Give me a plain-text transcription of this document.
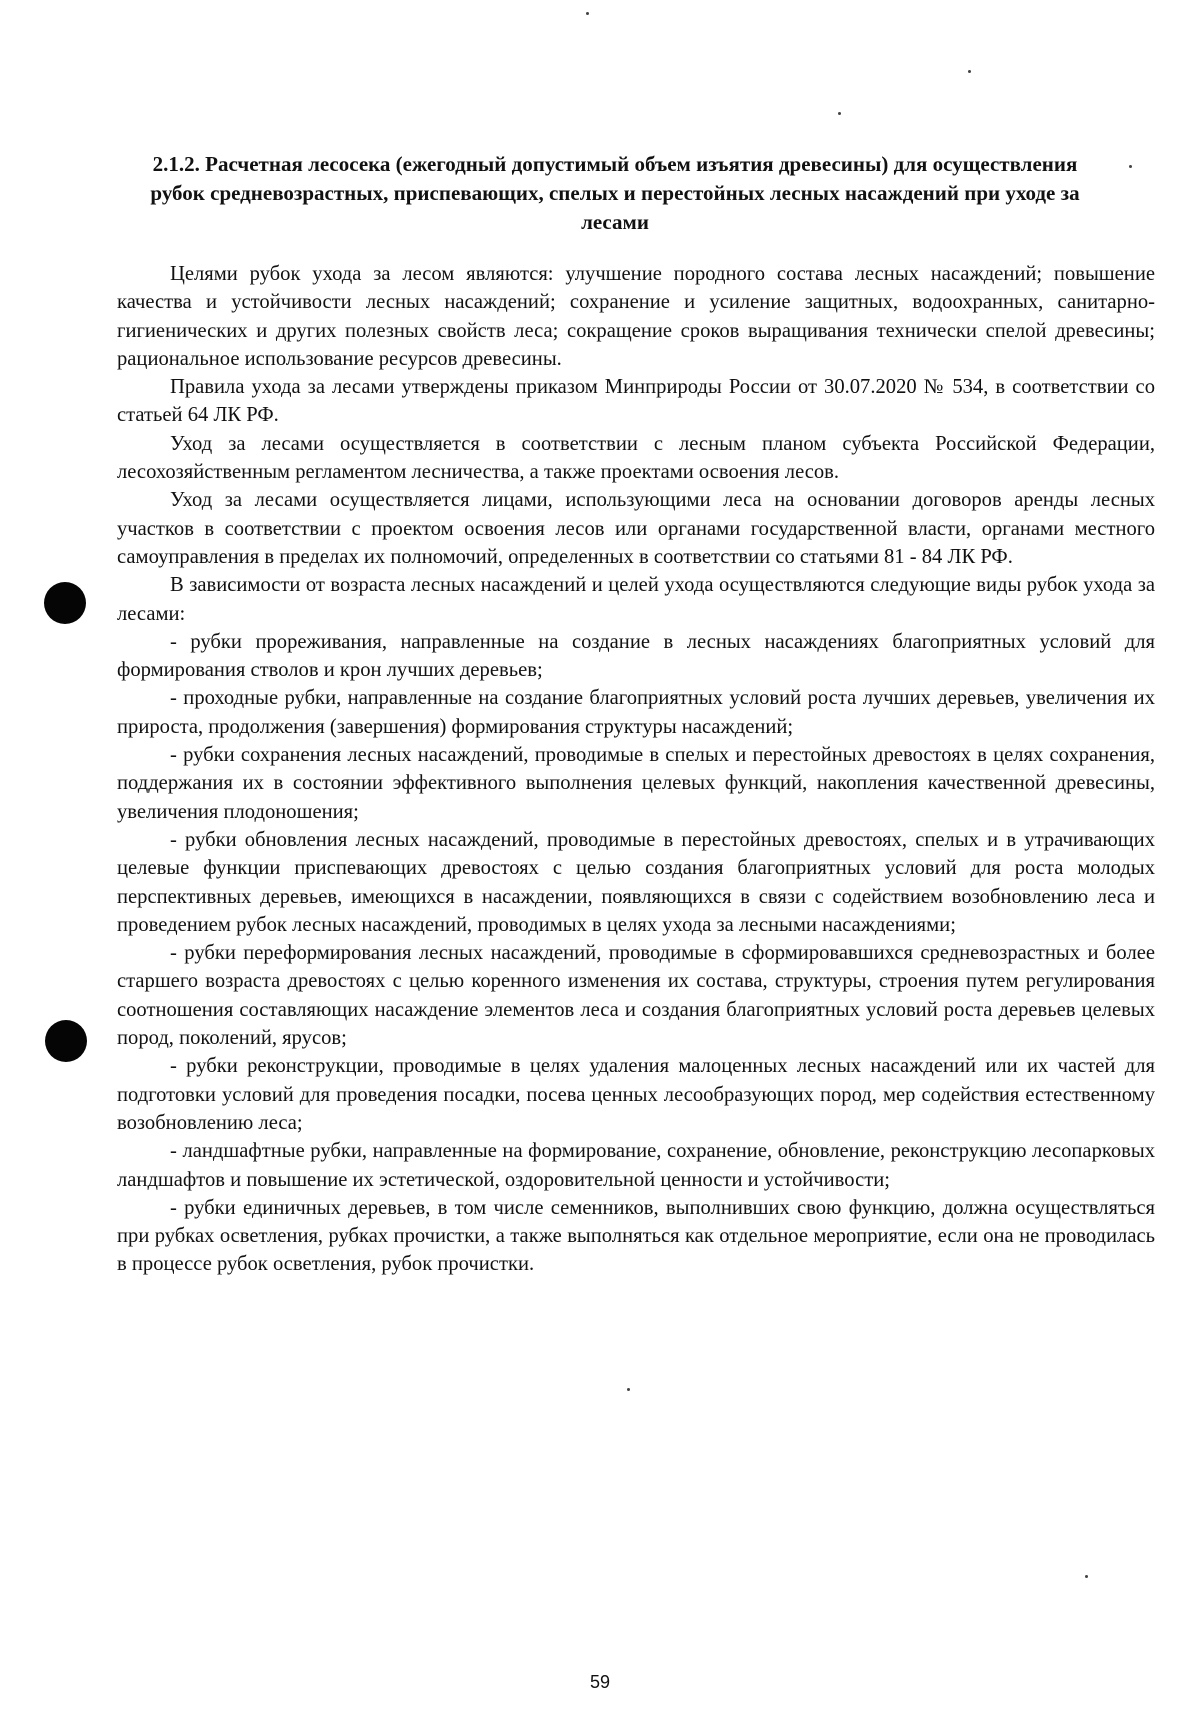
2.1.2. Расчетная лесосека (ежегодный допустимый объем изъятия древесины) для осуществления рубок средневозрастных, приспевающих, спелых и перестойных лесных насаждений при уходе за лесами

Целями рубок ухода за лесом являются: улучшение породного состава лесных насаждений; повышение качества и устойчивости лесных насаждений; сохранение и усиление защитных, водоохранных, санитарно-гигиенических и других полезных свойств леса; сокращение сроков выращивания технически спелой древесины; рациональное использование ресурсов древесины.

Правила ухода за лесами утверждены приказом Минприроды России от 30.07.2020 № 534, в соответствии со статьей 64 ЛК РФ.

Уход за лесами осуществляется в соответствии с лесным планом субъекта Российской Федерации, лесохозяйственным регламентом лесничества, а также проектами освоения лесов.

Уход за лесами осуществляется лицами, использующими леса на основании договоров аренды лесных участков в соответствии с проектом освоения лесов или органами государственной власти, органами местного самоуправления в пределах их полномочий, определенных в соответствии со статьями 81 - 84 ЛК РФ.

В зависимости от возраста лесных насаждений и целей ухода осуществляются следующие виды рубок ухода за лесами:

- рубки прореживания, направленные на создание в лесных насаждениях благоприятных условий для формирования стволов и крон лучших деревьев;

- проходные рубки, направленные на создание благоприятных условий роста лучших деревьев, увеличения их прироста, продолжения (завершения) формирования структуры насаждений;

- рубки сохранения лесных насаждений, проводимые в спелых и перестойных древостоях в целях сохранения, поддержания их в состоянии эффективного выполнения целевых функций, накопления качественной древесины, увеличения плодоношения;

- рубки обновления лесных насаждений, проводимые в перестойных древостоях, спелых и в утрачивающих целевые функции приспевающих древостоях с целью создания благоприятных условий для роста молодых перспективных деревьев, имеющихся в насаждении, появляющихся в связи с содействием возобновлению леса и проведением рубок лесных насаждений, проводимых в целях ухода за лесными насаждениями;

- рубки переформирования лесных насаждений, проводимые в сформировавшихся средневозрастных и более старшего возраста древостоях с целью коренного изменения их состава, структуры, строения путем регулирования соотношения составляющих насаждение элементов леса и создания благоприятных условий роста деревьев целевых пород, поколений, ярусов;

- рубки реконструкции, проводимые в целях удаления малоценных лесных насаждений или их частей для подготовки условий для проведения посадки, посева ценных лесообразующих пород, мер содействия естественному возобновлению леса;

- ландшафтные рубки, направленные на формирование, сохранение, обновление, реконструкцию лесопарковых ландшафтов и повышение их эстетической, оздоровительной ценности и устойчивости;

- рубки единичных деревьев, в том числе семенников, выполнивших свою функцию, должна осуществляться при рубках осветления, рубках прочистки, а также выполняться как отдельное мероприятие, если она не проводилась в процессе рубок осветления, рубок прочистки.

59
